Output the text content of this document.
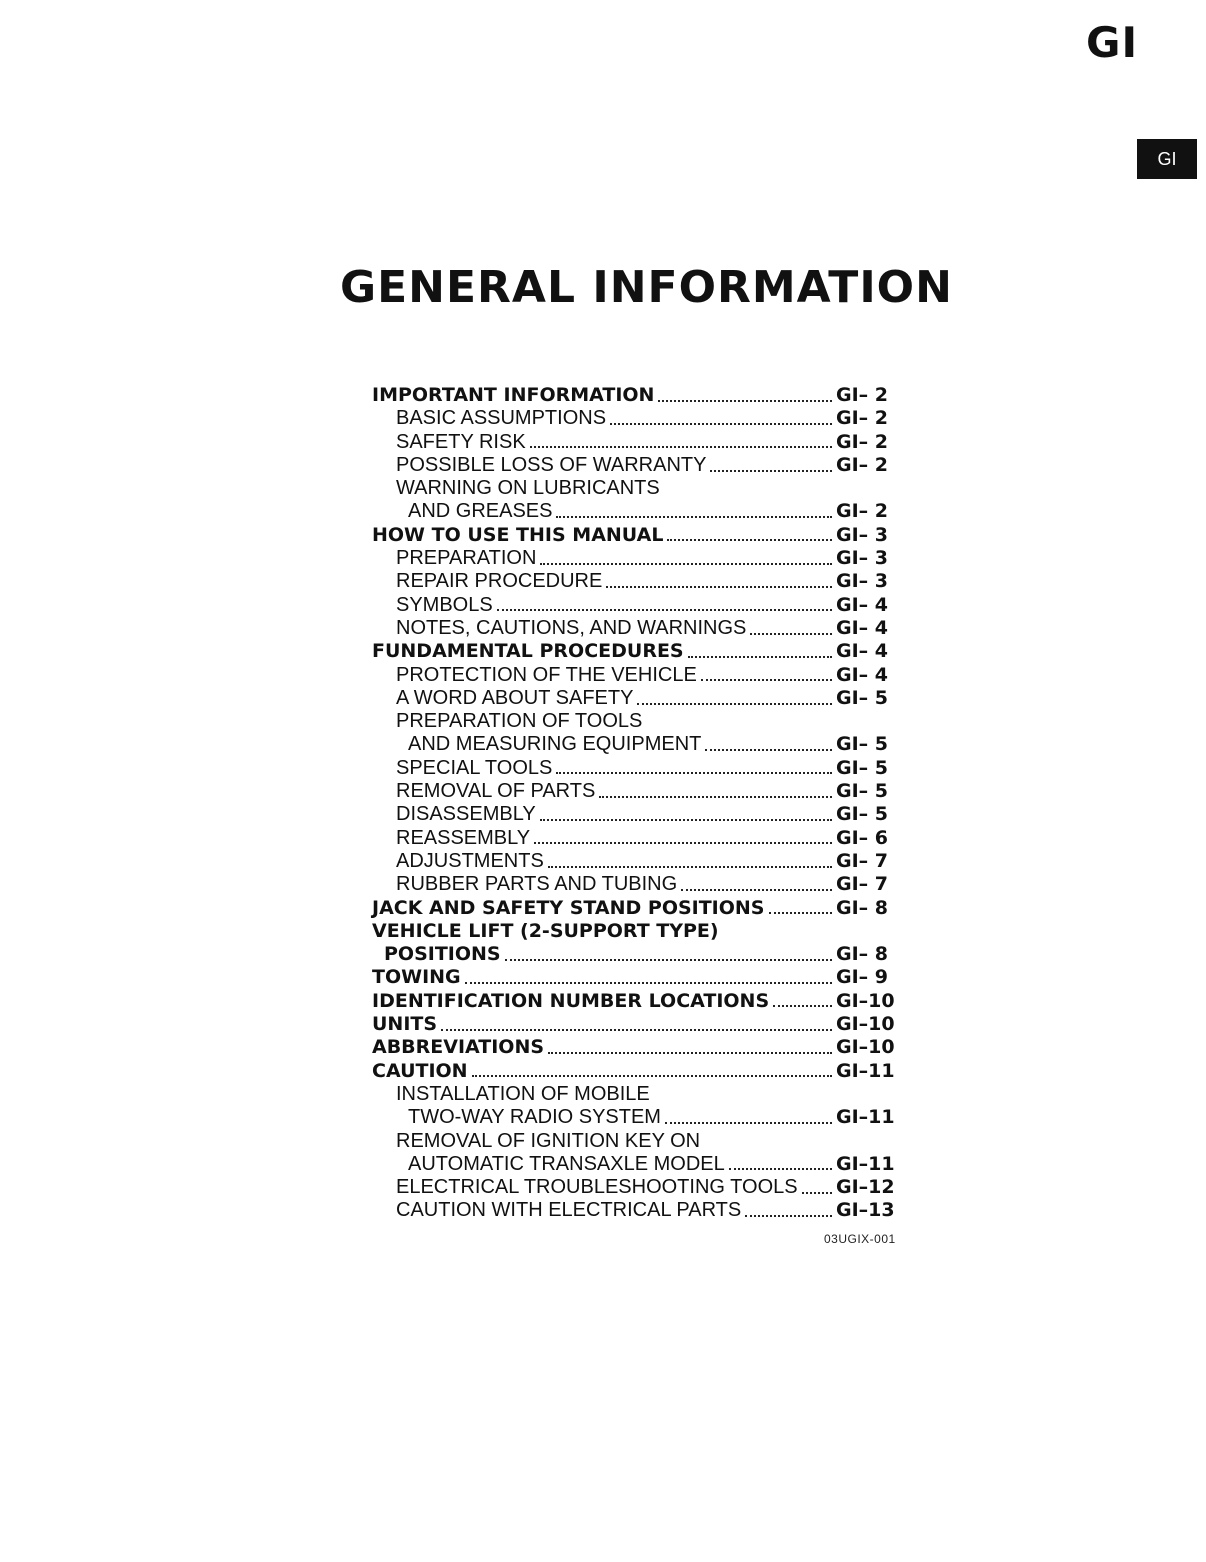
GI
GI
GENERAL INFORMATION
IMPORTANT INFORMATION	GI– 2
BASIC ASSUMPTIONS	GI– 2
SAFETY RISK	GI– 2
POSSIBLE LOSS OF WARRANTY	GI– 2
WARNING ON LUBRICANTS
AND GREASES	GI– 2
HOW TO USE THIS MANUAL	GI– 3
PREPARATION	GI– 3
REPAIR PROCEDURE	GI– 3
SYMBOLS	GI– 4
NOTES, CAUTIONS, AND WARNINGS	GI– 4
FUNDAMENTAL PROCEDURES	GI– 4
PROTECTION OF THE VEHICLE	GI– 4
A WORD ABOUT SAFETY	GI– 5
PREPARATION OF TOOLS
AND MEASURING EQUIPMENT	GI– 5
SPECIAL TOOLS	GI– 5
REMOVAL OF PARTS	GI– 5
DISASSEMBLY	GI– 5
REASSEMBLY	GI– 6
ADJUSTMENTS	GI– 7
RUBBER PARTS AND TUBING	GI– 7
JACK AND SAFETY STAND POSITIONS	GI– 8
VEHICLE LIFT (2-SUPPORT TYPE)
POSITIONS	GI– 8
TOWING	GI– 9
IDENTIFICATION NUMBER LOCATIONS	GI–10
UNITS	GI–10
ABBREVIATIONS	GI–10
CAUTION	GI–11
INSTALLATION OF MOBILE
TWO-WAY RADIO SYSTEM	GI–11
REMOVAL OF IGNITION KEY ON
AUTOMATIC TRANSAXLE MODEL	GI–11
ELECTRICAL TROUBLESHOOTING TOOLS GI–12
CAUTION WITH ELECTRICAL PARTS	GI–13
03UGIX-001
